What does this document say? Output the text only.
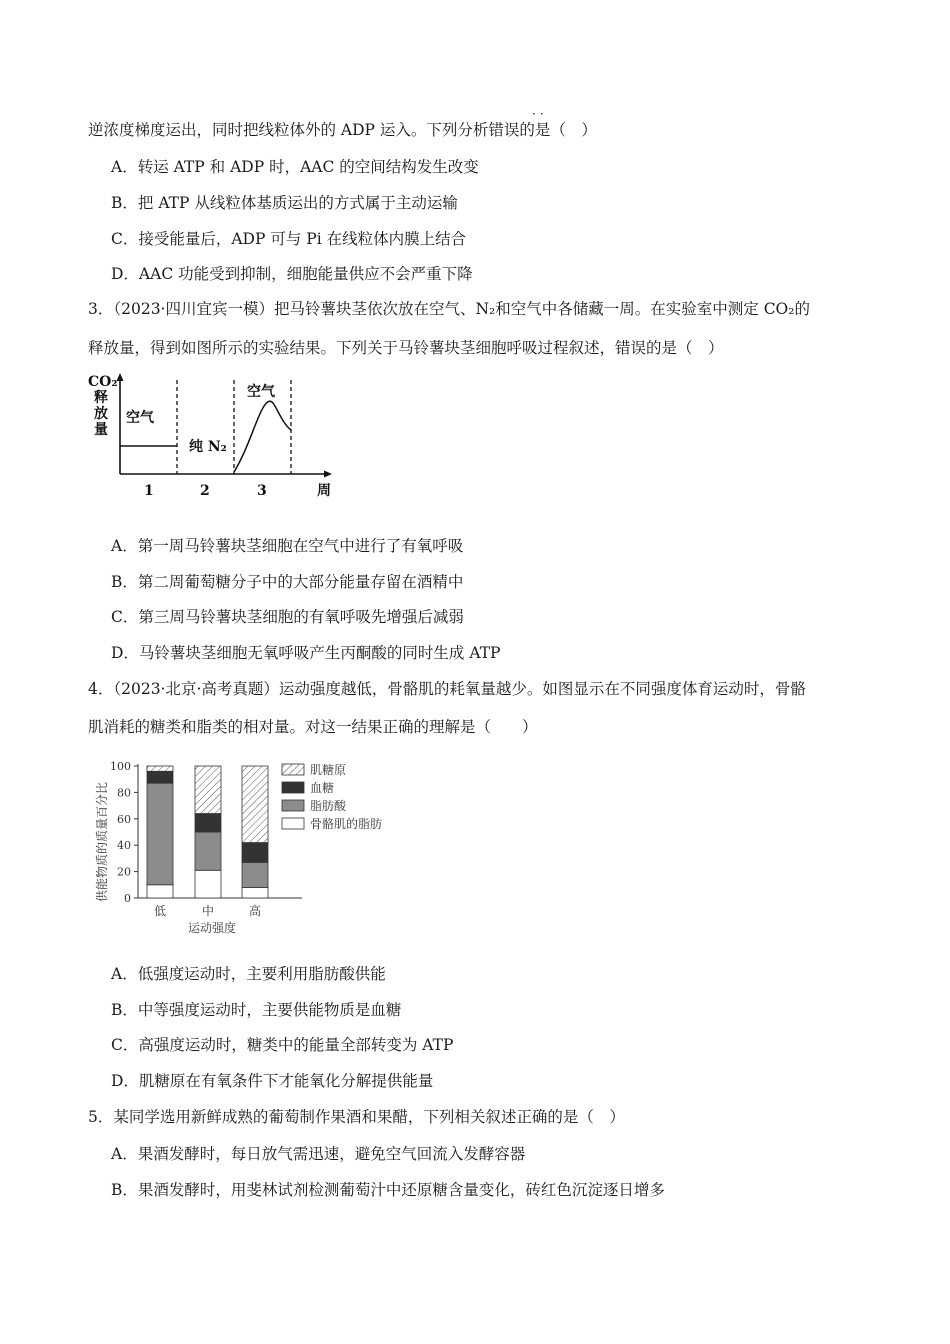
逆浓度梯度运出，同时把线粒体外的 ADP 运入。下列分析错误的是（　）
··
A．转运 ATP 和 ADP 时，AAC 的空间结构发生改变
B．把 ATP 从线粒体基质运出的方式属于主动运输
C．接受能量后，ADP 可与 Pi 在线粒体内膜上结合
D．AAC 功能受到抑制，细胞能量供应不会严重下降
3．（2023·四川宜宾一模）把马铃薯块茎依次放在空气、N₂和空气中各储藏一周。在实验室中测定 CO₂的
释放量，得到如图所示的实验结果。下列关于马铃薯块茎细胞呼吸过程叙述，错误的是（　）
CO₂
释
放
量
空气
纯 N₂
空气
1	2	3	周
A．第一周马铃薯块茎细胞在空气中进行了有氧呼吸
B．第二周葡萄糖分子中的大部分能量存留在酒精中
C．第三周马铃薯块茎细胞的有氧呼吸先增强后减弱
D．马铃薯块茎细胞无氧呼吸产生丙酮酸的同时生成 ATP
4．（2023·北京·高考真题）运动强度越低，骨骼肌的耗氧量越少。如图显示在不同强度体育运动时，骨骼
肌消耗的糖类和脂类的相对量。对这一结果正确的理解是（　　）
供能物质的质量百分比 0
20
40
60
80
100
低	中	高
运动强度
肌糖原
血糖
脂肪酸
骨骼肌的脂肪
A．低强度运动时，主要利用脂肪酸供能
B．中等强度运动时，主要供能物质是血糖
C．高强度运动时，糖类中的能量全部转变为 ATP
D．肌糖原在有氧条件下才能氧化分解提供能量
5．某同学选用新鲜成熟的葡萄制作果酒和果醋，下列相关叙述正确的是（　）
A．果酒发酵时，每日放气需迅速，避免空气回流入发酵容器
B．果酒发酵时，用斐林试剂检测葡萄汁中还原糖含量变化，砖红色沉淀逐日增多
